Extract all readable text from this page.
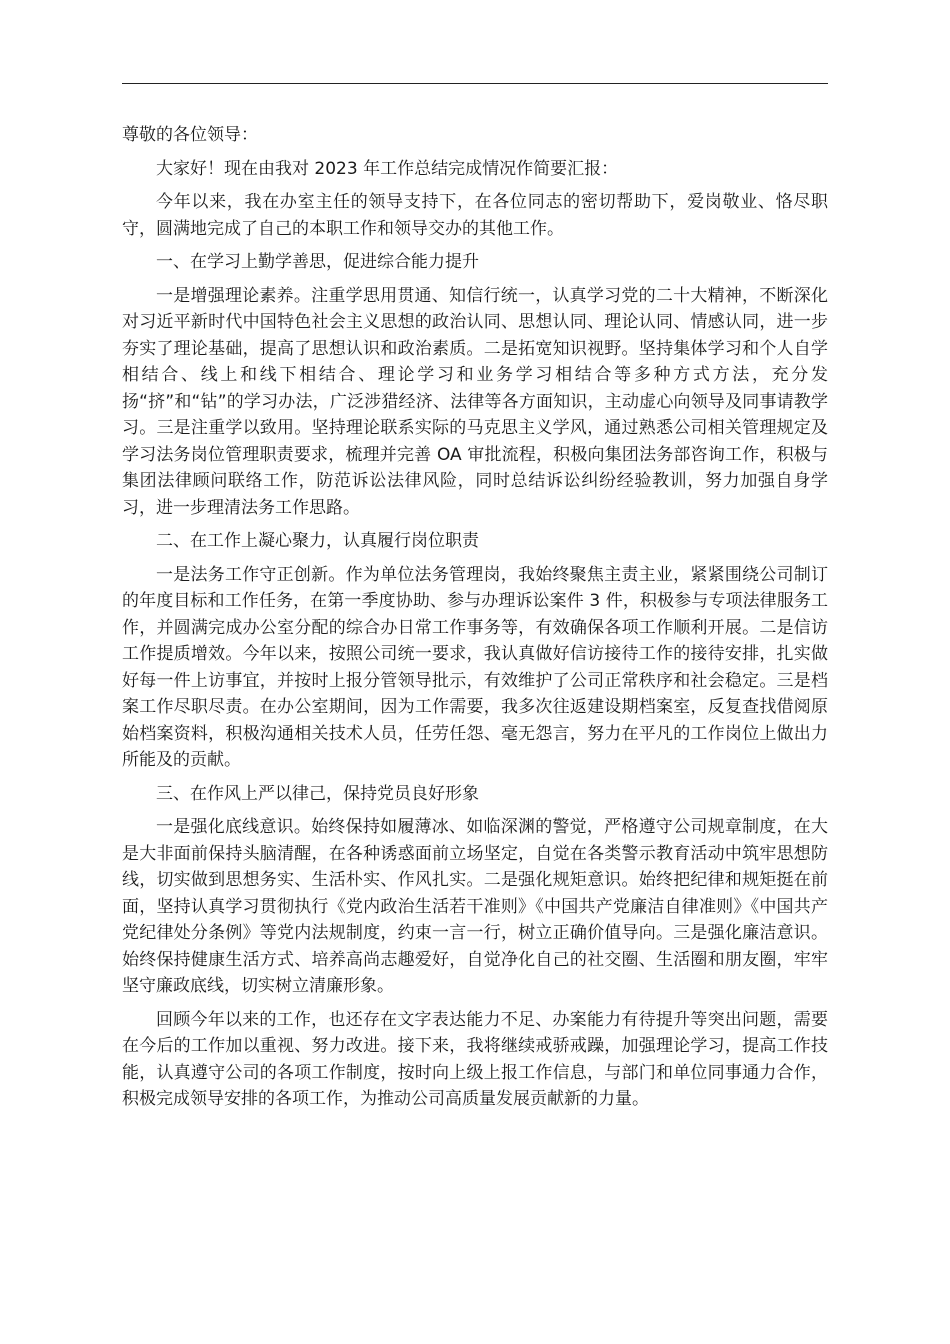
尊敬的各位领导：

大家好！现在由我对 2023 年工作总结完成情况作简要汇报：

今年以来，我在办室主任的领导支持下，在各位同志的密切帮助下，爱岗敬业、恪尽职守，圆满地完成了自己的本职工作和领导交办的其他工作。

一、在学习上勤学善思，促进综合能力提升

一是增强理论素养。注重学思用贯通、知信行统一，认真学习党的二十大精神，不断深化对习近平新时代中国特色社会主义思想的政治认同、思想认同、理论认同、情感认同，进一步夯实了理论基础，提高了思想认识和政治素质。二是拓宽知识视野。坚持集体学习和个人自学相结合、线上和线下相结合、理论学习和业务学习相结合等多种方式方法，充分发扬“挤”和“钻”的学习办法，广泛涉猎经济、法律等各方面知识，主动虚心向领导及同事请教学习。三是注重学以致用。坚持理论联系实际的马克思主义学风，通过熟悉公司相关管理规定及学习法务岗位管理职责要求，梳理并完善 OA 审批流程，积极向集团法务部咨询工作，积极与集团法律顾问联络工作，防范诉讼法律风险，同时总结诉讼纠纷经验教训，努力加强自身学习，进一步理清法务工作思路。

二、在工作上凝心聚力，认真履行岗位职责

一是法务工作守正创新。作为单位法务管理岗，我始终聚焦主责主业，紧紧围绕公司制订的年度目标和工作任务，在第一季度协助、参与办理诉讼案件 3 件，积极参与专项法律服务工作，并圆满完成办公室分配的综合办日常工作事务等，有效确保各项工作顺利开展。二是信访工作提质增效。今年以来，按照公司统一要求，我认真做好信访接待工作的接待安排，扎实做好每一件上访事宜，并按时上报分管领导批示，有效维护了公司正常秩序和社会稳定。三是档案工作尽职尽责。在办公室期间，因为工作需要，我多次往返建设期档案室，反复查找借阅原始档案资料，积极沟通相关技术人员，任劳任怨、毫无怨言，努力在平凡的工作岗位上做出力所能及的贡献。

三、在作风上严以律己，保持党员良好形象

一是强化底线意识。始终保持如履薄冰、如临深渊的警觉，严格遵守公司规章制度，在大是大非面前保持头脑清醒，在各种诱惑面前立场坚定，自觉在各类警示教育活动中筑牢思想防线，切实做到思想务实、生活朴实、作风扎实。二是强化规矩意识。始终把纪律和规矩挺在前面，坚持认真学习贯彻执行《党内政治生活若干准则》《中国共产党廉洁自律准则》《中国共产党纪律处分条例》等党内法规制度，约束一言一行，树立正确价值导向。三是强化廉洁意识。始终保持健康生活方式、培养高尚志趣爱好，自觉净化自己的社交圈、生活圈和朋友圈，牢牢坚守廉政底线，切实树立清廉形象。

回顾今年以来的工作，也还存在文字表达能力不足、办案能力有待提升等突出问题，需要在今后的工作加以重视、努力改进。接下来，我将继续戒骄戒躁，加强理论学习，提高工作技能，认真遵守公司的各项工作制度，按时向上级上报工作信息，与部门和单位同事通力合作，积极完成领导安排的各项工作，为推动公司高质量发展贡献新的力量。
